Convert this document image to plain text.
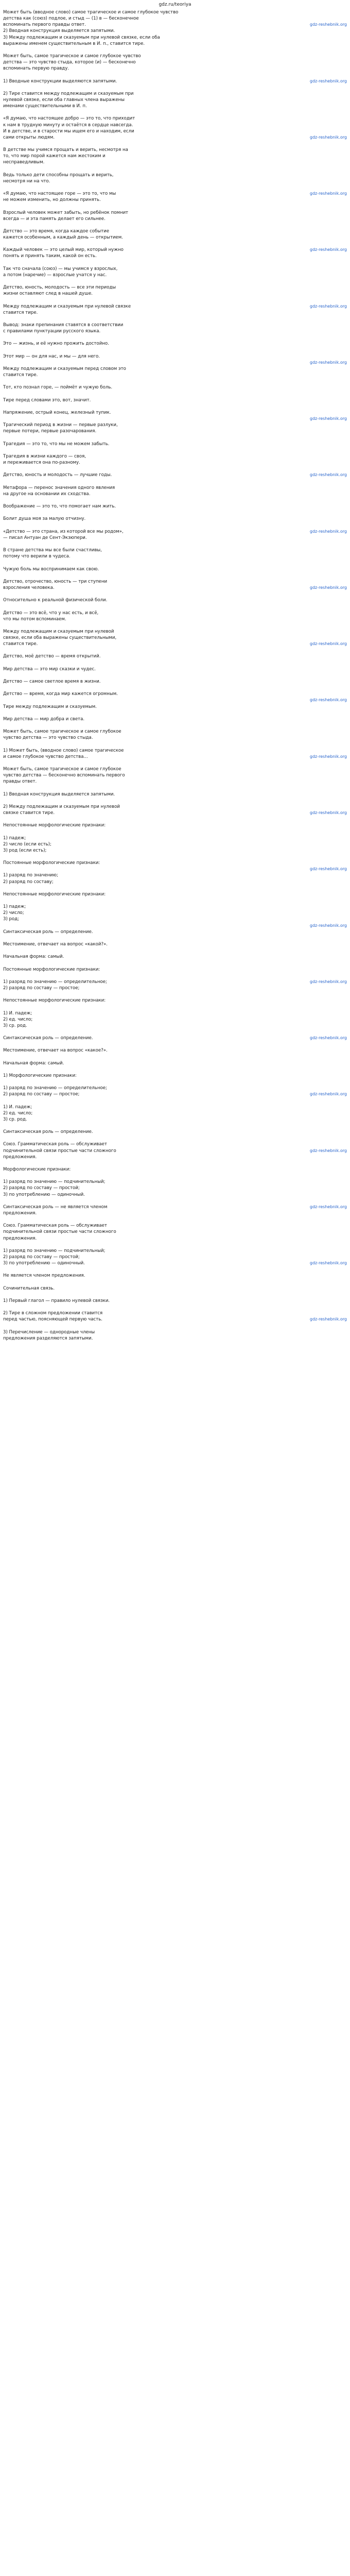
gdz.ru/teoriya
Может быть (вводное слово) самое трагическое и самое глубокое чувство
детства как (союз) подлое, и стыд — (1) в — бесконечное
gdz-reshebnik.org
вспоминать первого правды ответ.
2) Вводная конструкция выделяется запятыми.
3) Между подлежащим и сказуемым при нулевой связке, если оба
выражены именем существительным в И. п., ставится тире.
Может быть, самое трагическое и самое глубокое чувство
детства — это чувство стыда, которое (и) — бесконечно
вспоминать первую правду.
gdz-reshebnik.org
1) Вводные конструкции выделяются запятыми.
2) Тире ставится между подлежащим и сказуемым при
нулевой связке, если оба главных члена выражены
именами существительными в И. п.
«Я думаю, что настоящее добро — это то, что приходит
к нам в трудную минуту и остаётся в сердце навсегда.
И в детстве, и в старости мы ищем его и находим, если
gdz-reshebnik.org
сами открыты людям.
В детстве мы учимся прощать и верить, несмотря на
то, что мир порой кажется нам жестоким и
несправедливым.
Ведь только дети способны прощать и верить,
несмотря ни на что.
gdz-reshebnik.org
«Я думаю, что настоящее горе — это то, что мы
не можем изменить, но должны принять.
Взрослый человек может забыть, но ребёнок помнит
всегда — и эта память делает его сильнее.
Детство — это время, когда каждое событие
кажется особенным, а каждый день — открытием.
gdz-reshebnik.org
Каждый человек — это целый мир, который нужно
понять и принять таким, какой он есть.
Так что сначала (союз) — мы учимся у взрослых,
а потом (наречие) — взрослые учатся у нас.
Детство, юность, молодость — все эти периоды
жизни оставляют след в нашей душе.
gdz-reshebnik.org
Между подлежащим и сказуемым при нулевой связке
ставится тире.
Вывод: знаки препинания ставятся в соответствии
с правилами пунктуации русского языка.
Это — жизнь, и её нужно прожить достойно.
Этот мир — он для нас, и мы — для него.
gdz-reshebnik.org
Между подлежащим и сказуемым перед словом это
ставится тире.
Тот, кто познал горе, — поймёт и чужую боль.
Тире перед словами это, вот, значит.
Напряжение, острый конец, железный тупик.
gdz-reshebnik.org
Трагический период в жизни — первые разлуки,
первые потери, первые разочарования.
Трагедия — это то, что мы не можем забыть.
Трагедия в жизни каждого — своя,
и переживается она по-разному.
gdz-reshebnik.org
Детство, юность и молодость — лучшие годы.
Метафора — перенос значения одного явления
на другое на основании их сходства.
Воображение — это то, что помогает нам жить.
Болит душа моя за малую отчизну.
gdz-reshebnik.org
«Детство — это страна, из которой все мы родом»,
— писал Антуан де Сент-Экзюпери.
В стране детства мы все были счастливы,
потому что верили в чудеса.
Чужую боль мы воспринимаем как свою.
Детство, отрочество, юность — три ступени
gdz-reshebnik.org
взросления человека.
Относительно к реальной физической боли.
Детство — это всё, что у нас есть, и всё,
что мы потом вспоминаем.
Между подлежащим и сказуемым при нулевой
связке, если оба выражены существительными,
gdz-reshebnik.org
ставится тире.
Детство, моё детство — время открытий.
Мир детства — это мир сказки и чудес.
Детство — самое светлое время в жизни.
Детство — время, когда мир кажется огромным.
gdz-reshebnik.org
Тире между подлежащим и сказуемым.
Мир детства — мир добра и света.
Может быть, самое трагическое и самое глубокое
чувство детства — это чувство стыда.
1) Может быть, (вводное слово) самое трагическое
gdz-reshebnik.org
и самое глубокое чувство детства...
Может быть, самое трагическое и самое глубокое
чувство детства — бесконечно вспоминать первого
правды ответ.
1) Вводная конструкция выделяется запятыми.
2) Между подлежащим и сказуемым при нулевой
gdz-reshebnik.org
связке ставится тире.
Непостоянные морфологические признаки:
1) падеж;
2) число (если есть);
3) род (если есть);
Постоянные морфологические признаки:
gdz-reshebnik.org
1) разряд по значению;
2) разряд по составу;
Непостоянные морфологические признаки:
1) падеж;
2) число;
3) род;
gdz-reshebnik.org
Синтаксическая роль — определение.
Местоимение, отвечает на вопрос «какой?».
Начальная форма: самый.
Постоянные морфологические признаки:
gdz-reshebnik.org
1) разряд по значению — определительное;
2) разряд по составу — простое;
Непостоянные морфологические признаки:
1) И. падеж;
2) ед. число;
3) ср. род.
gdz-reshebnik.org
Синтаксическая роль — определение.
Местоимение, отвечает на вопрос «какое?».
Начальная форма: самый.
1) Морфологические признаки:
1) разряд по значению — определительное;
gdz-reshebnik.org
2) разряд по составу — простое;
1) И. падеж;
2) ед. число;
3) ср. род.
Синтаксическая роль — определение.
Союз. Грамматическая роль — обслуживает
gdz-reshebnik.org
подчинительной связи простые части сложного
предложения.
Морфологические признаки:
1) разряд по значению — подчинительный;
2) разряд по составу — простой;
3) по употреблению — одиночный.
gdz-reshebnik.org
Синтаксическая роль — не является членом
предложения.
Союз. Грамматическая роль — обслуживает
подчинительной связи простые части сложного
предложения.
1) разряд по значению — подчинительный;
2) разряд по составу — простой;
gdz-reshebnik.org
3) по употреблению — одиночный.
Не является членом предложения.
Сочинительная связь.
1) Первый глагол — правило нулевой связки.
2) Тире в сложном предложении ставится
gdz-reshebnik.org
перед частью, поясняющей первую часть.
3) Перечисление — однородные члены
предложения разделяются запятыми.
